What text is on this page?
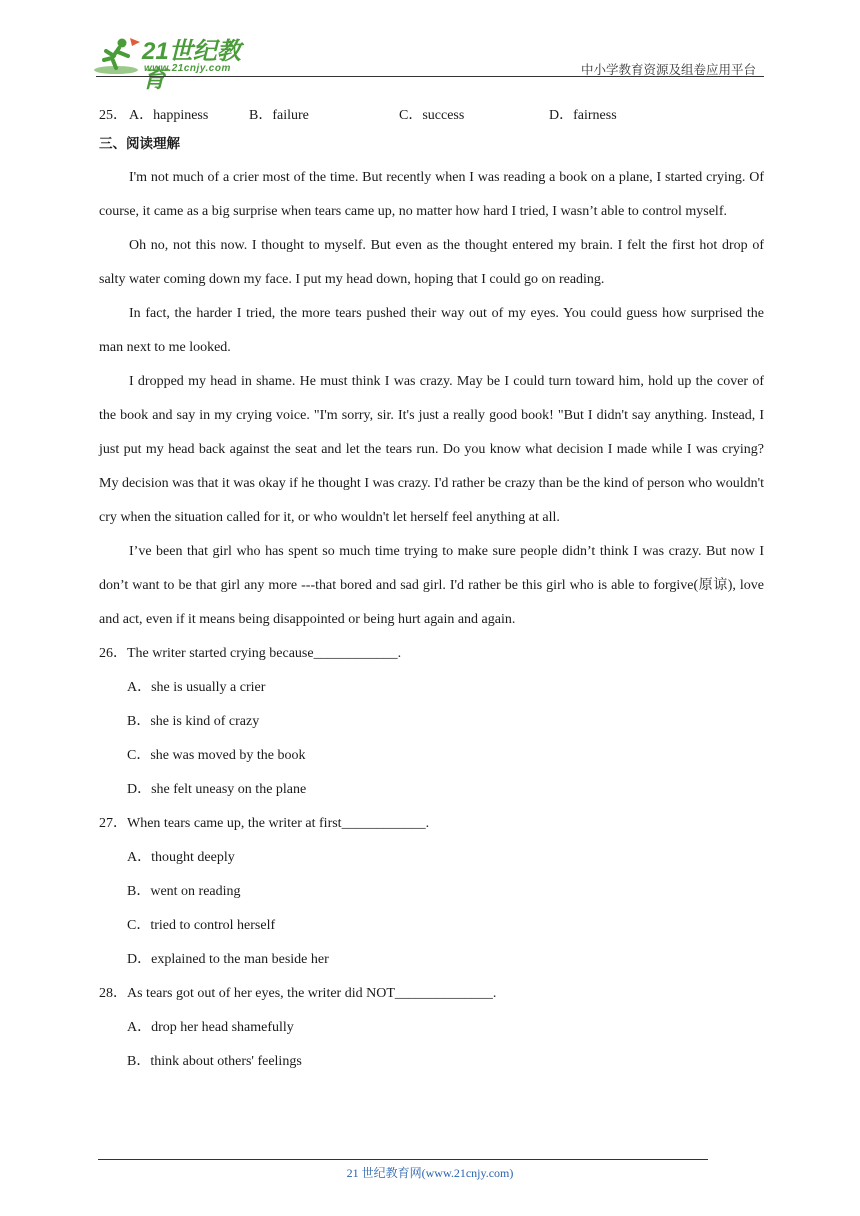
21世纪教育
www.21cnjy.com	中小学教育资源及组卷应用平台
25． A．happiness	B．failure	C．success	D．fairness
三、阅读理解

I'm not much of a crier most of the time. But recently when I was reading a book on a plane, I started crying. Of course, it came as a big surprise when tears came up, no matter how hard I tried, I wasn’t able to control myself.

Oh no, not this now. I thought to myself. But even as the thought entered my brain. I felt the first hot drop of salty water coming down my face. I put my head down, hoping that I could go on reading.

In fact, the harder I tried, the more tears pushed their way out of my eyes. You could guess how surprised the man next to me looked.

I dropped my head in shame. He must think I was crazy. May be I could turn toward him, hold up the cover of the book and say in my crying voice. "I'm sorry, sir. It's just a really good book! "But I didn't say anything. Instead, I just put my head back against the seat and let the tears run. Do you know what decision I made while I was crying? My decision was that it was okay if he thought I was crazy. I'd rather be crazy than be the kind of person who wouldn't cry when the situation called for it, or who wouldn't let herself feel anything at all.

I’ve been that girl who has spent so much time trying to make sure people didn’t think I was crazy. But now I don’t want to be that girl any more ---that bored and sad girl. I'd rather be this girl who is able to forgive(原谅), love and act, even if it means being disappointed or being hurt again and again.

26．The writer started crying because____________.

A．she is usually a crier

B．she is kind of crazy

C．she was moved by the book

D．she felt uneasy on the plane

27．When tears came up, the writer at first____________.

A．thought deeply

B．went on reading

C．tried to control herself

D．explained to the man beside her

28．As tears got out of her eyes, the writer did NOT______________.

A．drop her head shamefully

B．think about others' feelings

21 世纪教育网(www.21cnjy.com)
